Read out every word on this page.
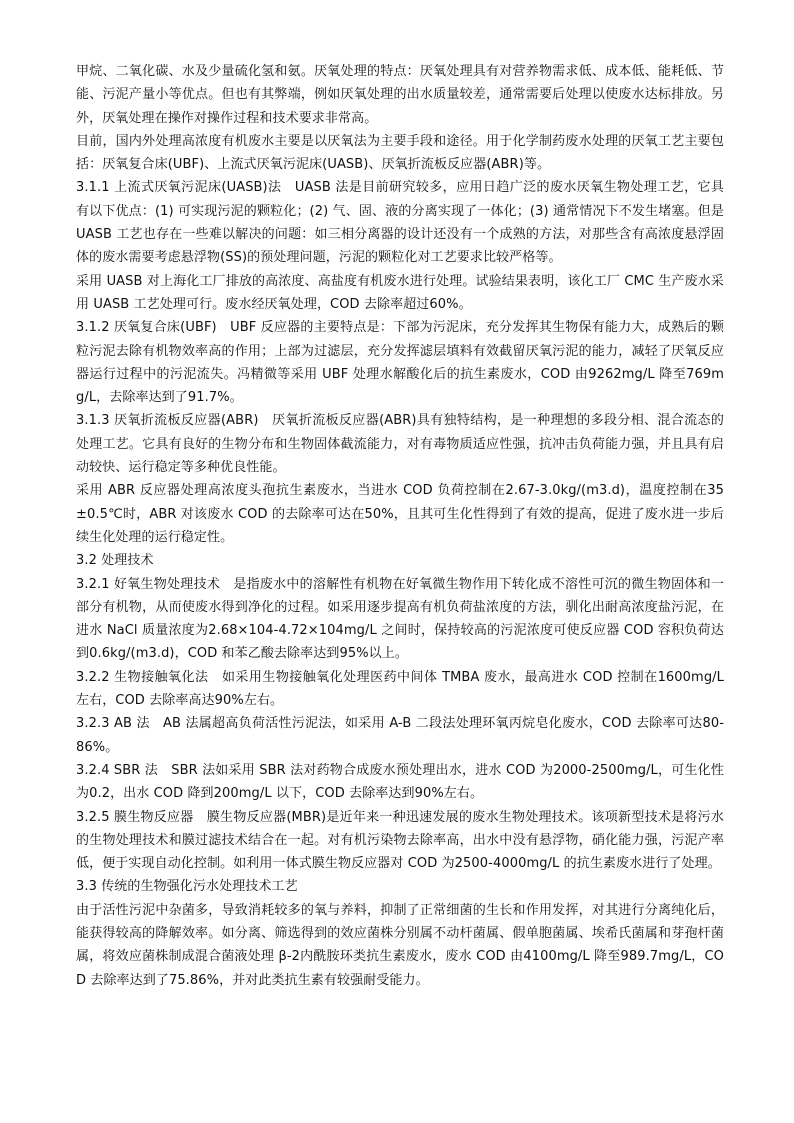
甲烷、二氧化碳、水及少量硫化氢和氨。厌氧处理的特点：厌氧处理具有对营养物需求低、成本低、能耗低、节能、污泥产量小等优点。但也有其弊端，例如厌氧处理的出水质量较差，通常需要后处理以使废水达标排放。另外，厌氧处理在操作对操作过程和技术要求非常高。

目前，国内外处理高浓度有机废水主要是以厌氧法为主要手段和途径。用于化学制药废水处理的厌氧工艺主要包括：厌氧复合床(UBF)、上流式厌氧污泥床(UASB)、厌氧折流板反应器(ABR)等。

3.1.1 上流式厌氧污泥床(UASB)法　UASB 法是目前研究较多，应用日趋广泛的废水厌氧生物处理工艺，它具有以下优点：(1) 可实现污泥的颗粒化；(2) 气、固、液的分离实现了一体化；(3) 通常情况下不发生堵塞。但是 UASB 工艺也存在一些难以解决的问题：如三相分离器的设计还没有一个成熟的方法，对那些含有高浓度悬浮固体的废水需要考虑悬浮物(SS)的预处理问题，污泥的颗粒化对工艺要求比较严格等。

采用 UASB 对上海化工厂排放的高浓度、高盐度有机废水进行处理。试验结果表明，该化工厂 CMC 生产废水采用 UASB 工艺处理可行。废水经厌氧处理，COD 去除率超过60%。

3.1.2 厌氧复合床(UBF)　UBF 反应器的主要特点是：下部为污泥床，充分发挥其生物保有能力大，成熟后的颗粒污泥去除有机物效率高的作用；上部为过滤层，充分发挥滤层填料有效截留厌氧污泥的能力，减轻了厌氧反应器运行过程中的污泥流失。冯精微等采用 UBF 处理水解酸化后的抗生素废水，COD 由9262mg/L 降至769mg/L，去除率达到了91.7%。

3.1.3 厌氧折流板反应器(ABR)　厌氧折流板反应器(ABR)具有独特结构，是一种理想的多段分相、混合流态的处理工艺。它具有良好的生物分布和生物固体截流能力，对有毒物质适应性强，抗冲击负荷能力强，并且具有启动较快、运行稳定等多种优良性能。

采用 ABR 反应器处理高浓度头孢抗生素废水，当进水 COD 负荷控制在2.67-3.0kg/(m3.d)，温度控制在35±0.5℃时，ABR 对该废水 COD 的去除率可达在50%，且其可生化性得到了有效的提高，促进了废水进一步后续生化处理的运行稳定性。

3.2 处理技术

3.2.1 好氧生物处理技术　是指废水中的溶解性有机物在好氧微生物作用下转化成不溶性可沉的微生物固体和一部分有机物，从而使废水得到净化的过程。如采用逐步提高有机负荷盐浓度的方法，驯化出耐高浓度盐污泥，在进水 NaCl 质量浓度为2.68×104-4.72×104mg/L 之间时，保持较高的污泥浓度可使反应器 COD 容积负荷达到0.6kg/(m3.d)，COD 和苯乙酸去除率达到95%以上。

3.2.2 生物接触氧化法　如采用生物接触氧化处理医药中间体 TMBA 废水，最高进水 COD 控制在1600mg/L 左右，COD 去除率高达90%左右。

3.2.3 AB 法　AB 法属超高负荷活性污泥法，如采用 A-B 二段法处理环氧丙烷皂化废水，COD 去除率可达80-86%。

3.2.4 SBR 法　SBR 法如采用 SBR 法对药物合成废水预处理出水，进水 COD 为2000-2500mg/L，可生化性为0.2，出水 COD 降到200mg/L 以下，COD 去除率达到90%左右。

3.2.5 膜生物反应器　膜生物反应器(MBR)是近年来一种迅速发展的废水生物处理技术。该项新型技术是将污水的生物处理技术和膜过滤技术结合在一起。对有机污染物去除率高，出水中没有悬浮物，硝化能力强，污泥产率低，便于实现自动化控制。如利用一体式膜生物反应器对 COD 为2500-4000mg/L 的抗生素废水进行了处理。

3.3 传统的生物强化污水处理技术工艺

由于活性污泥中杂菌多，导致消耗较多的氧与养料，抑制了正常细菌的生长和作用发挥，对其进行分离纯化后，能获得较高的降解效率。如分离、筛选得到的效应菌株分别属不动杆菌属、假单胞菌属、埃希氏菌属和芽孢杆菌属，将效应菌株制成混合菌液处理 β-2内酰胺环类抗生素废水，废水 COD 由4100mg/L 降至989.7mg/L，COD 去除率达到了75.86%，并对此类抗生素有较强耐受能力。
